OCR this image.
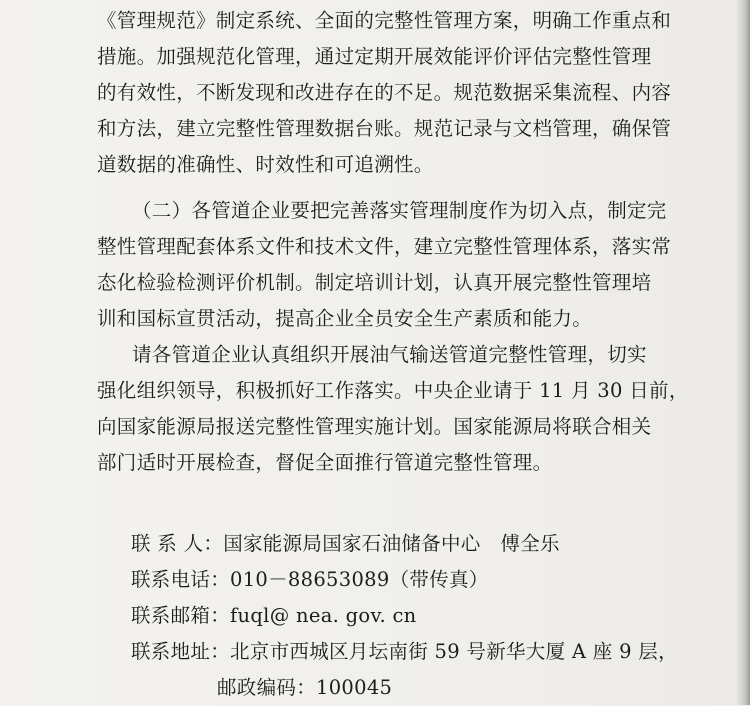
《管理规范》制定系统、全面的完整性管理方案，明确工作重点和
措施。加强规范化管理，通过定期开展效能评价评估完整性管理
的有效性，不断发现和改进存在的不足。规范数据采集流程、内容
和方法，建立完整性管理数据台账。规范记录与文档管理，确保管
道数据的准确性、时效性和可追溯性。
（二）各管道企业要把完善落实管理制度作为切入点，制定完
整性管理配套体系文件和技术文件，建立完整性管理体系，落实常
态化检验检测评价机制。制定培训计划，认真开展完整性管理培
训和国标宣贯活动，提高企业全员安全生产素质和能力。
请各管道企业认真组织开展油气输送管道完整性管理，切实
强化组织领导，积极抓好工作落实。中央企业请于 11 月 30 日前，
向国家能源局报送完整性管理实施计划。国家能源局将联合相关
部门适时开展检查，督促全面推行管道完整性管理。
联 系 人：国家能源局国家石油储备中心　傅全乐
联系电话：010－88653089（带传真）
联系邮箱：fuql@ nea. gov. cn
联系地址：北京市西城区月坛南街 59 号新华大厦 A 座 9 层，
邮政编码：100045
